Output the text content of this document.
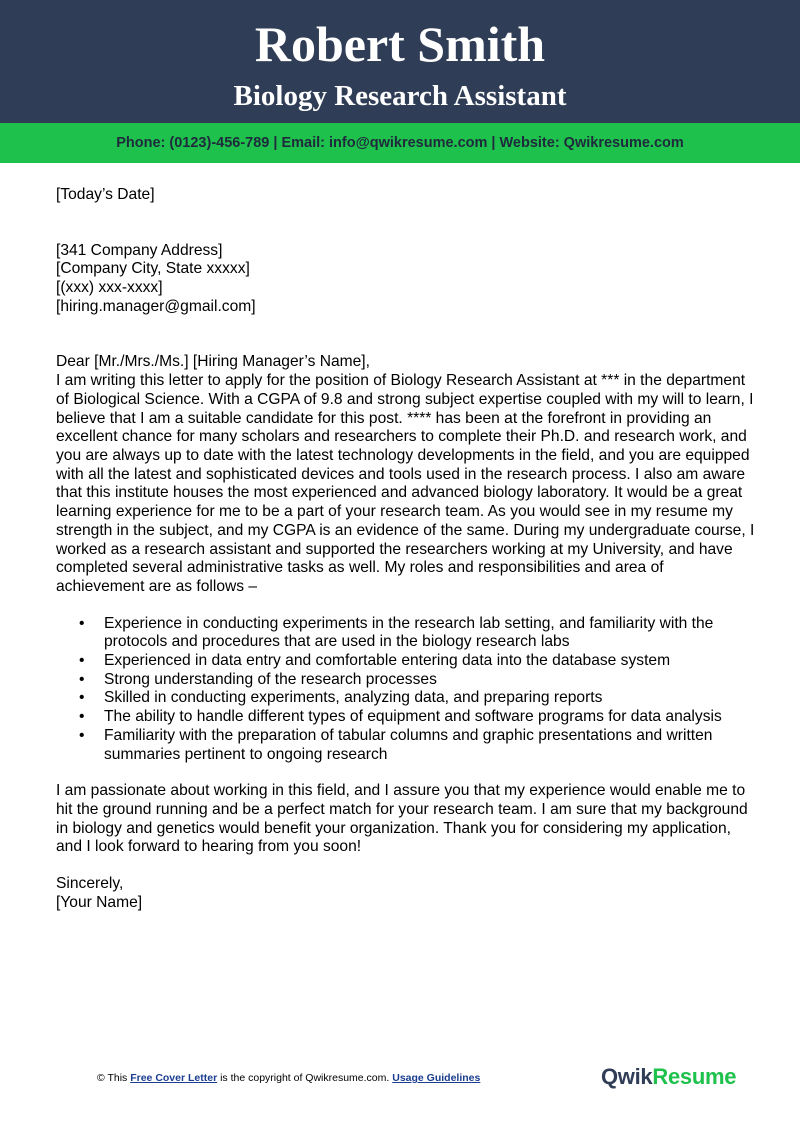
Robert Smith
Biology Research Assistant
Phone: (0123)-456-789 | Email: info@qwikresume.com | Website: Qwikresume.com

[Today’s Date]

[341 Company Address]

[Company City, State xxxxx]

[(xxx) xxx-xxxx]

[hiring.manager@gmail.com]

Dear [Mr./Mrs./Ms.] [Hiring Manager’s Name],

I am writing this letter to apply for the position of Biology Research Assistant at *** in the department of Biological Science. With a CGPA of 9.8 and strong subject expertise coupled with my will to learn, I believe that I am a suitable candidate for this post. **** has been at the forefront in providing an excellent chance for many scholars and researchers to complete their Ph.D. and research work, and you are always up to date with the latest technology developments in the field, and you are equipped with all the latest and sophisticated devices and tools used in the research process. I also am aware that this institute houses the most experienced and advanced biology laboratory. It would be a great learning experience for me to be a part of your research team. As you would see in my resume my strength in the subject, and my CGPA is an evidence of the same. During my undergraduate course, I worked as a research assistant and supported the researchers working at my University, and have completed several administrative tasks as well. My roles and responsibilities and area of achievement are as follows –

• Experience in conducting experiments in the research lab setting, and familiarity with the protocols and procedures that are used in the biology research labs
• Experienced in data entry and comfortable entering data into the database system
• Strong understanding of the research processes
• Skilled in conducting experiments, analyzing data, and preparing reports
• The ability to handle different types of equipment and software programs for data analysis
• Familiarity with the preparation of tabular columns and graphic presentations and written summaries pertinent to ongoing research

I am passionate about working in this field, and I assure you that my experience would enable me to hit the ground running and be a perfect match for your research team. I am sure that my background in biology and genetics would benefit your organization. Thank you for considering my application, and I look forward to hearing from you soon!

Sincerely,

[Your Name]

© This Free Cover Letter is the copyright of Qwikresume.com. Usage Guidelines	QwikResume
